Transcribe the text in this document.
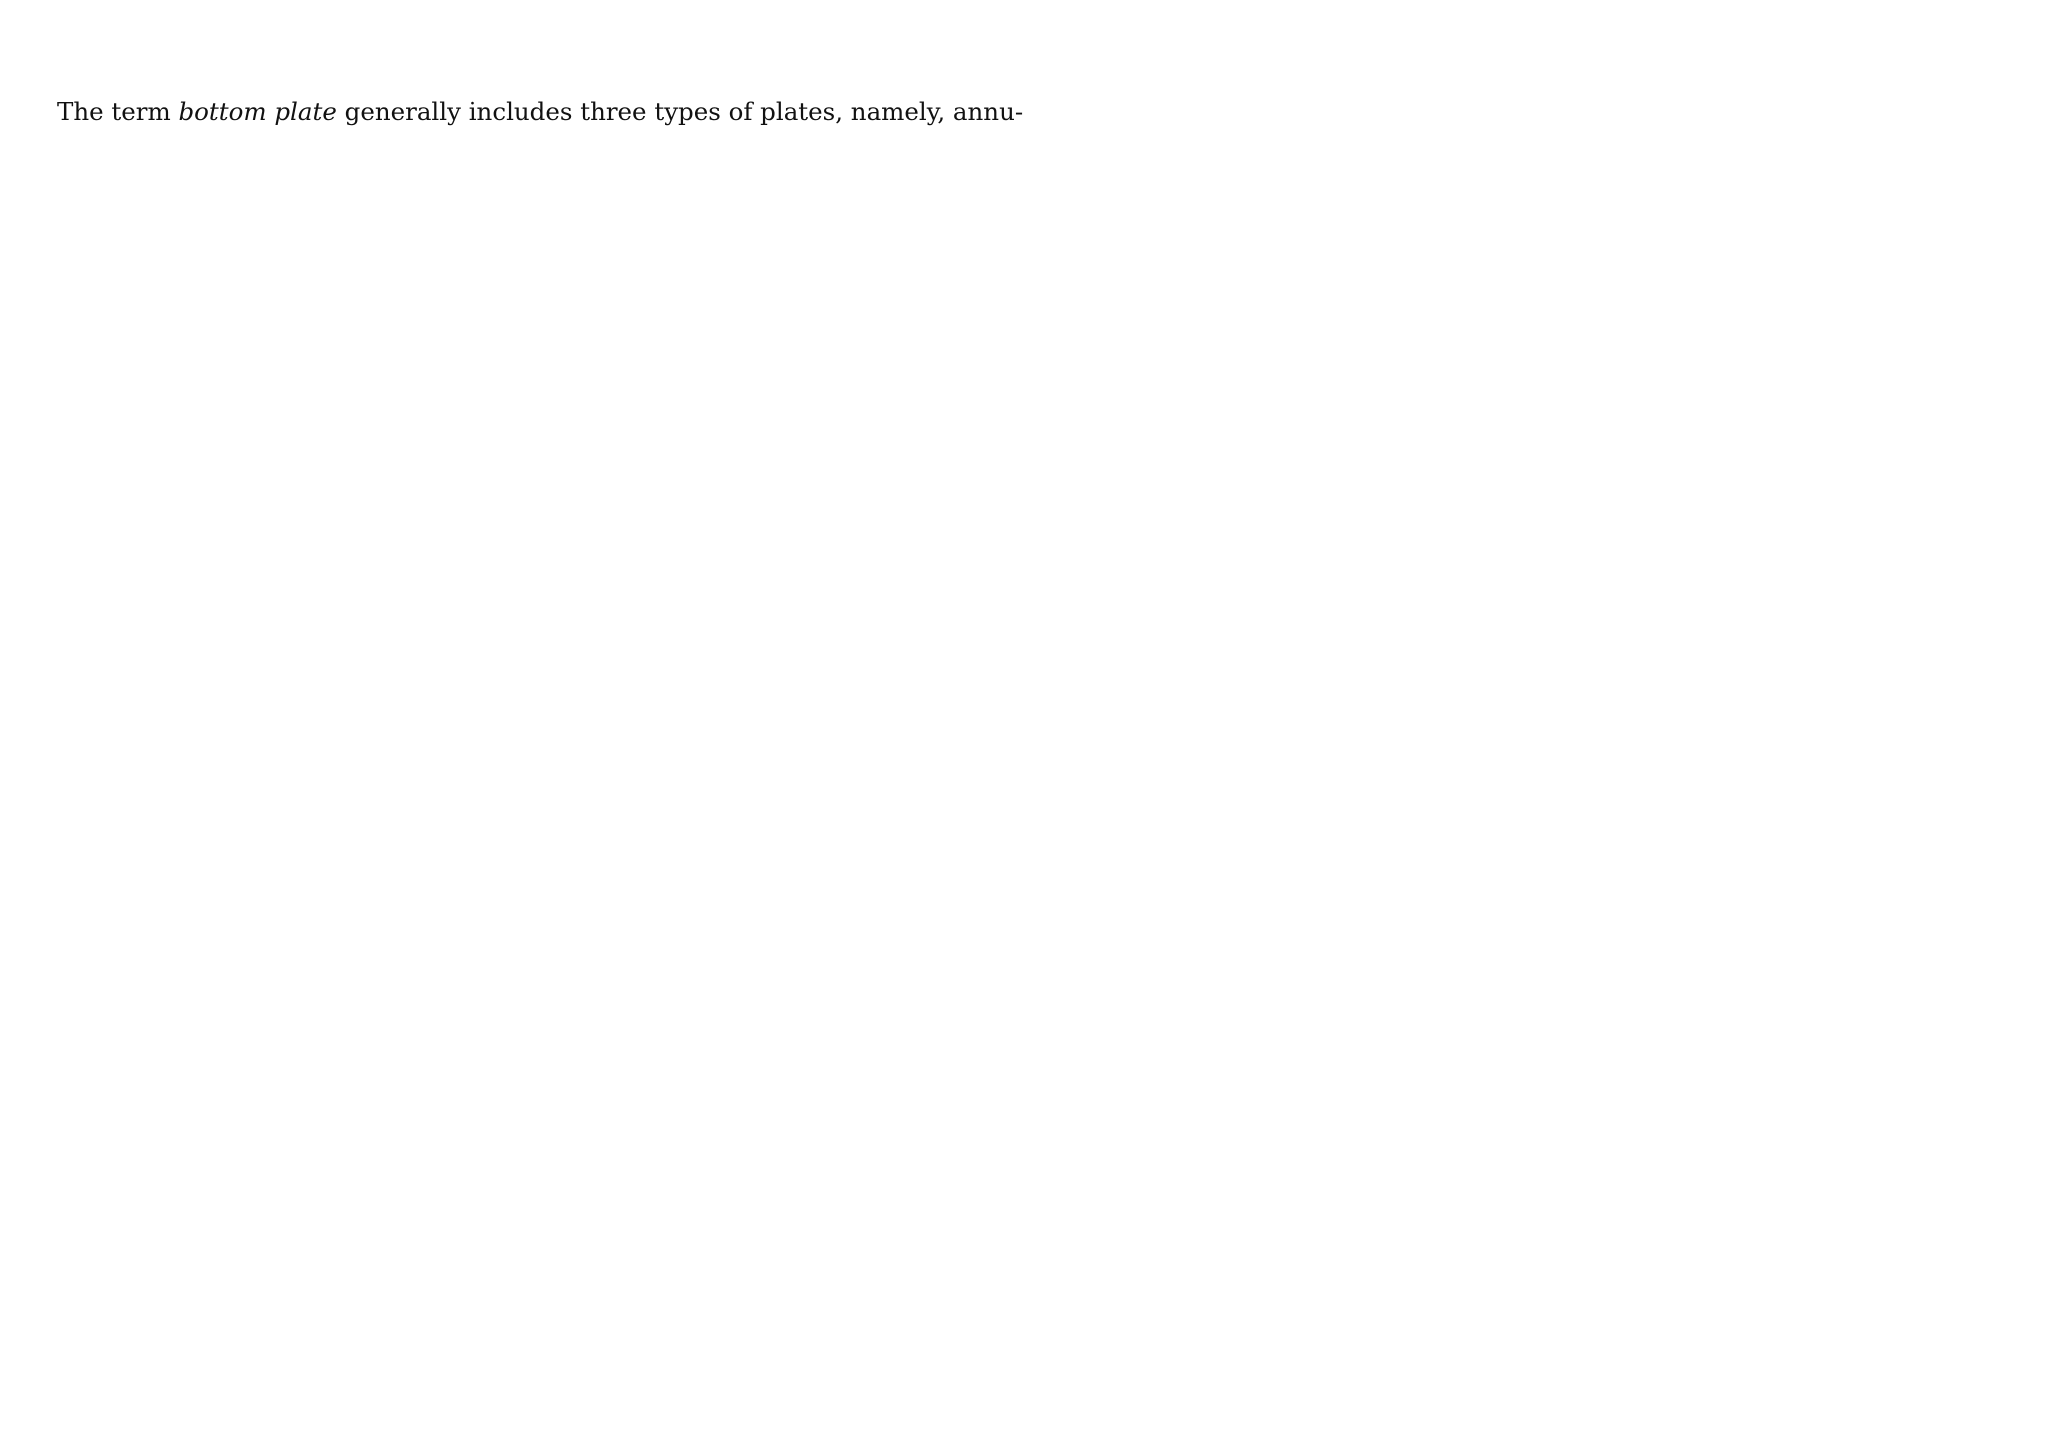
The term bottom plate generally includes three types of plates, namely, annu-
